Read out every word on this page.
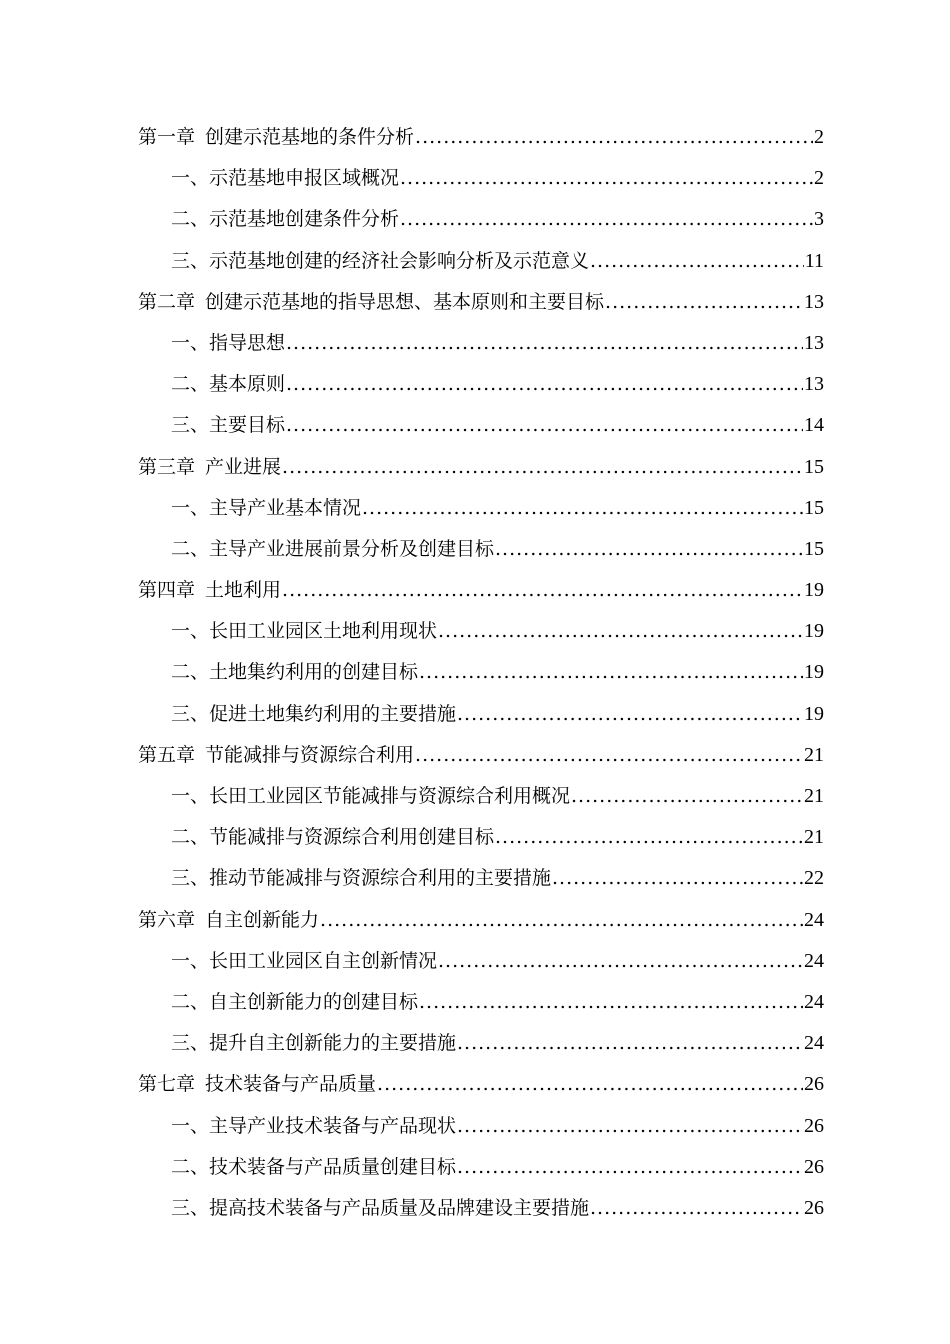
第一章 创建示范基地的条件分析 .....	2
一、示范基地申报区域概况 .....	2
二、示范基地创建条件分析 .....	3
三、示范基地创建的经济社会影响分析及示范意义 .....	11
第二章 创建示范基地的指导思想、基本原则和主要目标 .....	13
一、指导思想 .....	13
二、基本原则 .....	13
三、主要目标 .....	14
第三章 产业进展 .....	15
一、主导产业基本情况 .....	15
二、主导产业进展前景分析及创建目标 .....	15
第四章 土地利用 .....	19
一、长田工业园区土地利用现状 .....	19
二、土地集约利用的创建目标 .....	19
三、促进土地集约利用的主要措施 .....	19
第五章 节能减排与资源综合利用 .....	21
一、长田工业园区节能减排与资源综合利用概况 .....	21
二、节能减排与资源综合利用创建目标 .....	21
三、推动节能减排与资源综合利用的主要措施 .....	22
第六章 自主创新能力 .....	24
一、长田工业园区自主创新情况 .....	24
二、自主创新能力的创建目标 .....	24
三、提升自主创新能力的主要措施 .....	24
第七章 技术装备与产品质量 .....	26
一、主导产业技术装备与产品现状 .....	26
二、技术装备与产品质量创建目标 .....	26
三、提高技术装备与产品质量及品牌建设主要措施 .....	26
